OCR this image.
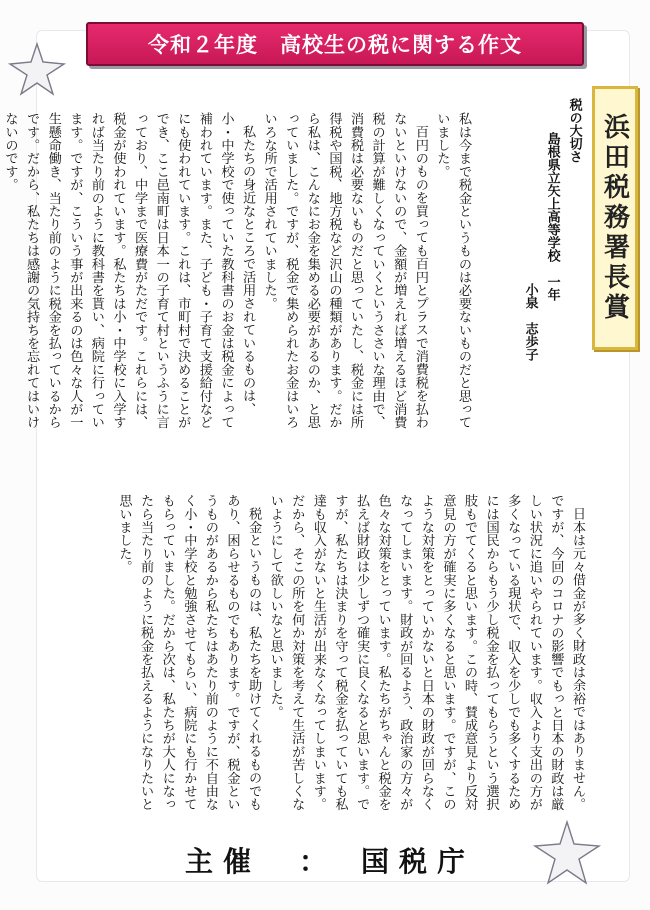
令和２年度　高校生の税に関する作文
浜田税務署長賞
税の大切さ
島根県立矢上高等学校　一年
小泉　志歩子

私は今まで税金というものは必要ないものだと思っていました。

百円のものを買っても百円とプラスで消費税を払わないといけないので、金額が増えれば増えるほど消費税の計算が難しくなっていくというささいな理由で、消費税は必要ないものだと思っていたし、税金には所得税や国税、地方税など沢山の種類があります。だから私は、こんなにお金を集める必要があるのか、と思っていました。ですが、税金で集められたお金はいろいろな所で活用されていました。

私たちの身近なところで活用されているものは、小・中学校で使っていた教科書のお金は税金によって補われています。また、子ども・子育て支援給付などにも使われています。これは、市町村で決めることができ、ここ邑南町は日本一の子育て村というふうに言っており、中学まで医療費がただです。これらには、税金が使われています。私たちは小・中学校に入学すれば当たり前のように教科書を貰い、病院に行っています。ですが、こういう事が出来るのは色々な人が一生懸命働き、当たり前のように税金を払っているからです。だから、私たちは感謝の気持ちを忘れてはいけないのです。

日本は元々借金が多く財政は余裕ではありません。ですが、今回のコロナの影響でもっと日本の財政は厳しい状況に追いやられています。収入より支出の方が多くなっている現状で、収入を少しでも多くするためには国民からもう少し税金を払ってもらうという選択肢もでてくると思います。この時、賛成意見より反対意見の方が確実に多くなると思います。ですが、このような対策をとっていかないと日本の財政が回らなくなってしまいます。財政が回るよう、政治家の方々が色々な対策をとっています。私たちがちゃんと税金を払えば財政は少しずつ確実に良くなると思います。ですが、私たちは決まりを守って税金を払っていても私達も収入がないと生活が出来なくなってしまいます。だから、そこの所を何か対策を考えて生活が苦しくないようにして欲しいなと思いました。

税金というものは、私たちを助けてくれるものでもあり、困らせるものでもあります。ですが、税金というものがあるから私たちはあたり前のように不自由なく小・中学校と勉強させてもらい、病院にも行かせてもらっていました。だから次は、私たちが大人になったら当たり前のように税金を払えるようになりたいと思いました。

主催　：　国税庁
